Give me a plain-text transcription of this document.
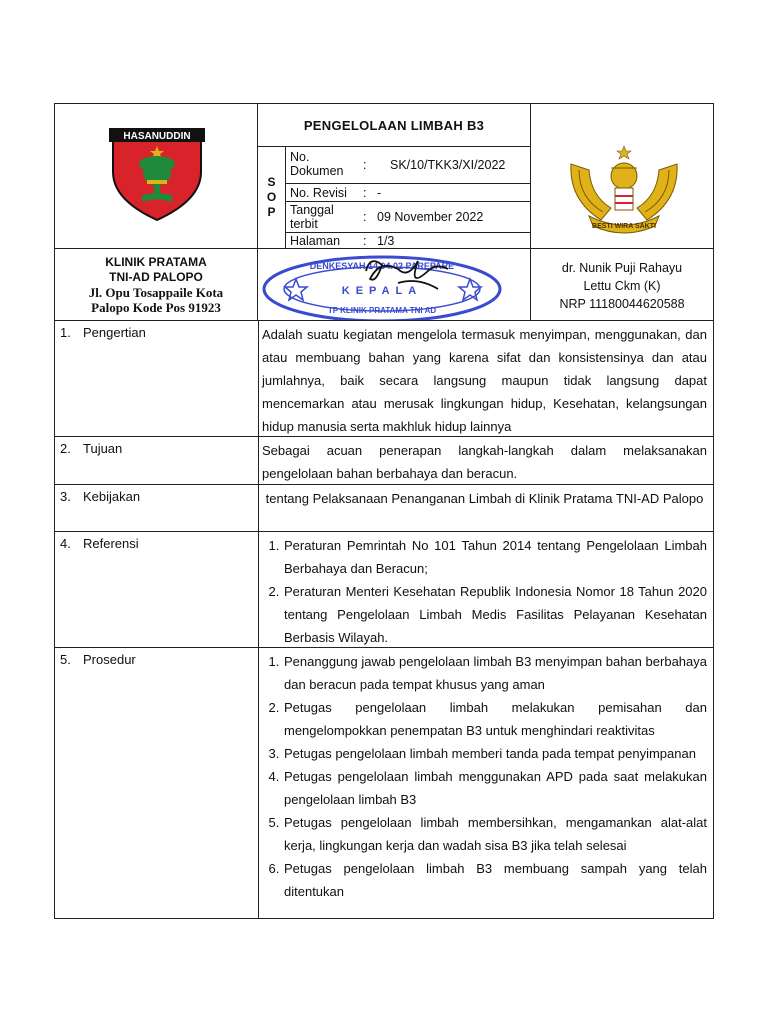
HASANUDDIN
PENGELOLAAN LIMBAH B3
BESTI WIRA SAKTI
S
O
P
No. Dokumen	: SK/10/TKK3/XI/2022
No. Revisi : -
Tanggal terbit	: 09 November 2022
Halaman : 1/3
KLINIK PRATAMA TNI-AD PALOPO
Jl. Opu Tosappaile Kota Palopo Kode Pos 91923
DENKESYAH 14.04.02 PAREPARE
KEPALA
TP KLINIK PRATAMA TNI AD
dr. Nunik Puji Rahayu
Lettu Ckm (K)
NRP 11180044620588
1. Pengertian	Adalah suatu kegiatan mengelola termasuk menyimpan, menggunakan, dan atau membuang bahan yang karena sifat dan konsistensinya dan atau jumlahnya, baik secara langsung maupun tidak langsung dapat mencemarkan atau merusak lingkungan hidup, Kesehatan, kelangsungan hidup manusia serta makhluk hidup lainnya
2. Tujuan	Sebagai acuan penerapan langkah-langkah dalam melaksanakan pengelolaan bahan berbahaya dan beracun.
3. Kebijakan	tentang Pelaksanaan Penanganan Limbah di Klinik Pratama TNI-AD Palopo
4. Referensi	1. Peraturan Pemrintah No 101 Tahun 2014 tentang Pengelolaan Limbah Berbahaya dan Beracun;
2. Peraturan Menteri Kesehatan Republik Indonesia Nomor 18 Tahun 2020 tentang Pengelolaan Limbah Medis Fasilitas Pelayanan Kesehatan Berbasis Wilayah.
5. Prosedur	1. Penanggung jawab pengelolaan limbah B3 menyimpan bahan berbahaya dan beracun pada tempat khusus yang aman
2. Petugas pengelolaan limbah melakukan pemisahan dan mengelompokkan penempatan B3 untuk menghindari reaktivitas
3. Petugas pengelolaan limbah memberi tanda pada tempat penyimpanan
4. Petugas pengelolaan limbah menggunakan APD pada saat melakukan pengelolaan limbah B3
5. Petugas pengelolaan limbah membersihkan, mengamankan alat-alat kerja, lingkungan kerja dan wadah sisa B3 jika telah selesai
6. Petugas pengelolaan limbah B3 membuang sampah yang telah ditentukan
